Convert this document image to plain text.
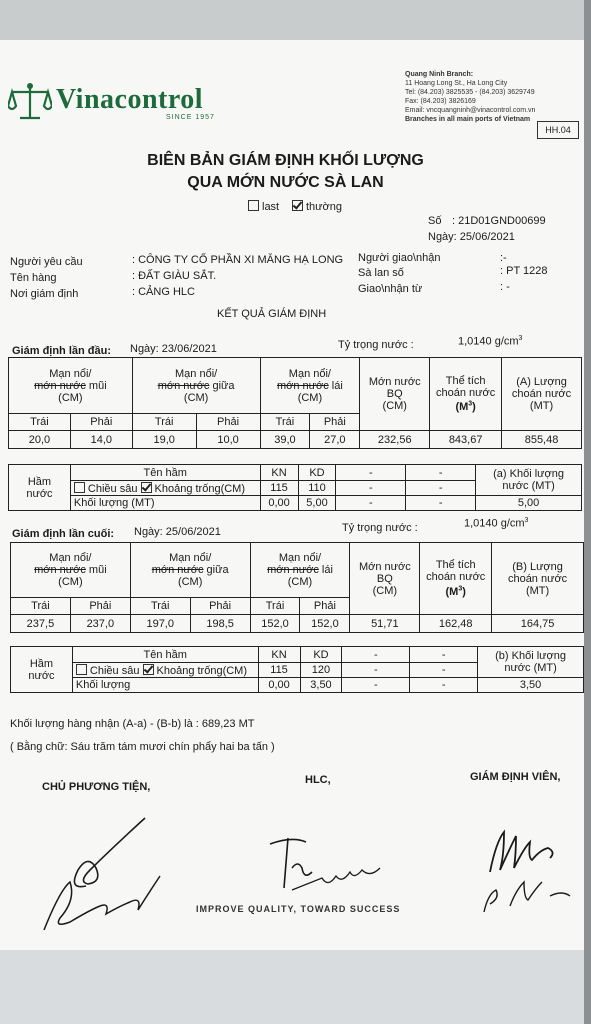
Vinacontrol
SINCE 1957
Quang Ninh Branch:
11 Hoang Long St., Ha Long City
Tel: (84.203) 3825535 - (84.203) 3629749
Fax: (84.203) 3826169
Email: vncquangninh@vinacontrol.com.vn
Branches in all main ports of Vietnam
HH.04
BIÊN BẢN GIÁM ĐỊNH KHỐI LƯỢNG
QUA MỚN NƯỚC SÀ LAN
last	thường
Số : 21D01GND00699
Ngày: 25/06/2021
Người yêu cầu	: CÔNG TY CỔ PHẦN XI MĂNG HẠ LONG
Tên hàng	: ĐẤT GIÀU SẮT.
Nơi giám định	: CẢNG HLC
Người giao\nhận	:-
Sà lan số	: PT 1228
Giao\nhận từ	: -
KẾT QUẢ GIÁM ĐỊNH
Giám định lần đầu: Ngày: 23/06/2021	Tỷ trọng nước :	1,0140 $g/cm^3$
Mạn nổi/
mớn nước mũi
(CM)		Mạn nổi/
mớn nước giữa
(CM)		Mạn nổi/
mớn nước lái
(CM)		Mớn nước
BQ
(CM)	Thể tích
choán nước
$(M^3)$	(A) Lượng
choán nước
(MT)
Trái	Phải	Trái	Phải	Trái	Phải			
20,0	14,0	19,0	10,0	39,0	27,0	232,56	843,67	855,48
Hầm
nước	Tên hầm	KN	KD	-	-	(a) Khối lượng
nước (MT)
	Chiều sâu Khoảng trống(CM)	115	110	-	-	
	Khối lượng (MT)	0,00	5,00	-	-	5,00
Giám định lần cuối: Ngày: 25/06/2021	Tỷ trọng nước :	1,0140 $g/cm^3$
Mạn nổi/
mớn nước mũi
(CM)		Mạn nổi/
mớn nước giữa
(CM)		Mạn nổi/
mớn nước lái
(CM)		Mớn nước
BQ
(CM)	Thể tích
choán nước
$(M^3)$	(B) Lượng
choán nước
(MT)
Trái	Phải	Trái	Phải	Trái	Phải			
237,5	237,0	197,0	198,5	152,0	152,0	51,71	162,48	164,75
Hầm
nước	Tên hầm	KN	KD	-	-	(b) Khối lượng
nước (MT)
	Chiều sâu Khoảng trống(CM)	115	120	-	-	
	Khối lượng	0,00	3,50	-	-	3,50
Khối lượng hàng nhận (A-a) - (B-b) là : 689,23 MT
( Bằng chữ: Sáu trăm tám mươi chín phẩy hai ba tấn )
CHỦ PHƯƠNG TIỆN,
HLC,	GIÁM ĐỊNH VIÊN,
IMPROVE QUALITY, TOWARD SUCCESS
